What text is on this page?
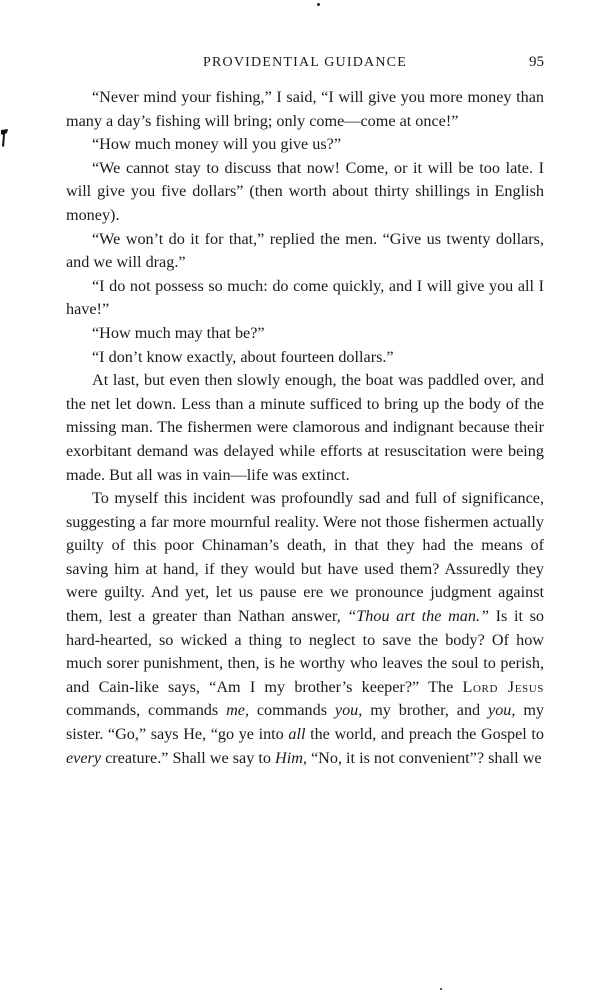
PROVIDENTIAL GUIDANCE	95

“Never mind your fishing,” I said, “I will give you more money than many a day’s fishing will bring; only come—come at once!”

“How much money will you give us?”

“We cannot stay to discuss that now! Come, or it will be too late. I will give you five dollars” (then worth about thirty shillings in English money).

“We won’t do it for that,” replied the men. “Give us twenty dollars, and we will drag.”

“I do not possess so much: do come quickly, and I will give you all I have!”

“How much may that be?”

“I don’t know exactly, about fourteen dollars.”

At last, but even then slowly enough, the boat was paddled over, and the net let down. Less than a minute sufficed to bring up the body of the missing man. The fishermen were clamorous and indignant because their exorbitant demand was delayed while efforts at resuscitation were being made. But all was in vain—life was extinct.

To myself this incident was profoundly sad and full of significance, suggesting a far more mournful reality. Were not those fishermen actually guilty of this poor Chinaman’s death, in that they had the means of saving him at hand, if they would but have used them? Assuredly they were guilty. And yet, let us pause ere we pronounce judgment against them, lest a greater than Nathan answer, “Thou art the man.” Is it so hard-hearted, so wicked a thing to neglect to save the body? Of how much sorer punishment, then, is he worthy who leaves the soul to perish, and Cain-like says, “Am I my brother’s keeper?” The Lord Jesus commands, commands me, commands you, my brother, and you, my sister. “Go,” says He, “go ye into all the world, and preach the Gospel to every creature.” Shall we say to Him, “No, it is not convenient”? shall we
